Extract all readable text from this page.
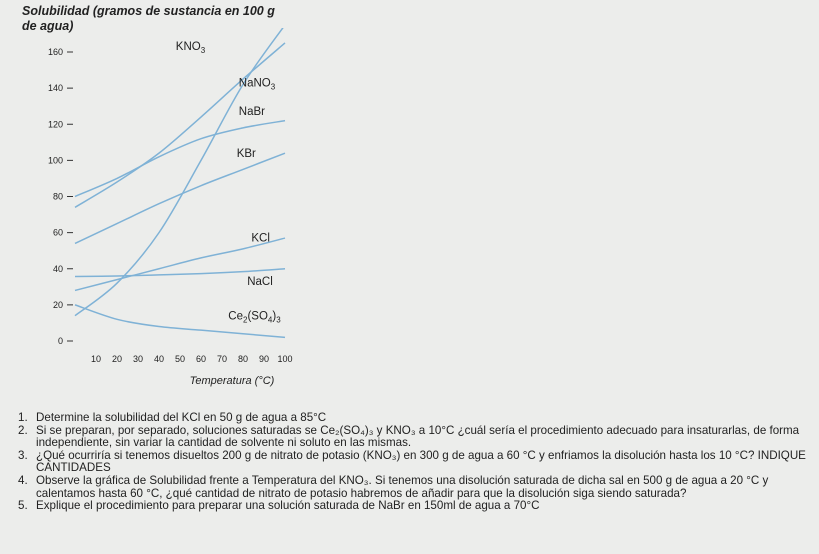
Solubilidad (gramos de sustancia en 100 g de agua)
0
20
40
60
80
100
120
140
160
10 20 30 40 50 60 70 80 90 100
Temperatura (°C)
$KNO_3$
NaNO$_3$
NaBr
KBr
KCl
NaCl
$Ce_2(SO_4)_3$
1. Determine la solubilidad del KCl en 50 g de agua a 85°C
2. Si se preparan, por separado, soluciones saturadas se Ce₂(SO₄)₃ y KNO₃ a 10°C ¿cuál sería el procedimiento adecuado para insaturarlas, de forma independiente, sin variar la cantidad de solvente ni soluto en las mismas.
3. ¿Qué ocurriría si tenemos disueltos 200 g de nitrato de potasio (KNO₃) en 300 g de agua a 60 °C y enfriamos la disolución hasta los 10 °C? INDIQUE CANTIDADES
4. Observe la gráfica de Solubilidad frente a Temperatura del KNO₃. Si tenemos una disolución saturada de dicha sal en 500 g de agua a 20 °C y calentamos hasta 60 °C, ¿qué cantidad de nitrato de potasio habremos de añadir para que la disolución siga siendo saturada?
5. Explique el procedimiento para preparar una solución saturada de NaBr en 150ml de agua a 70°C
